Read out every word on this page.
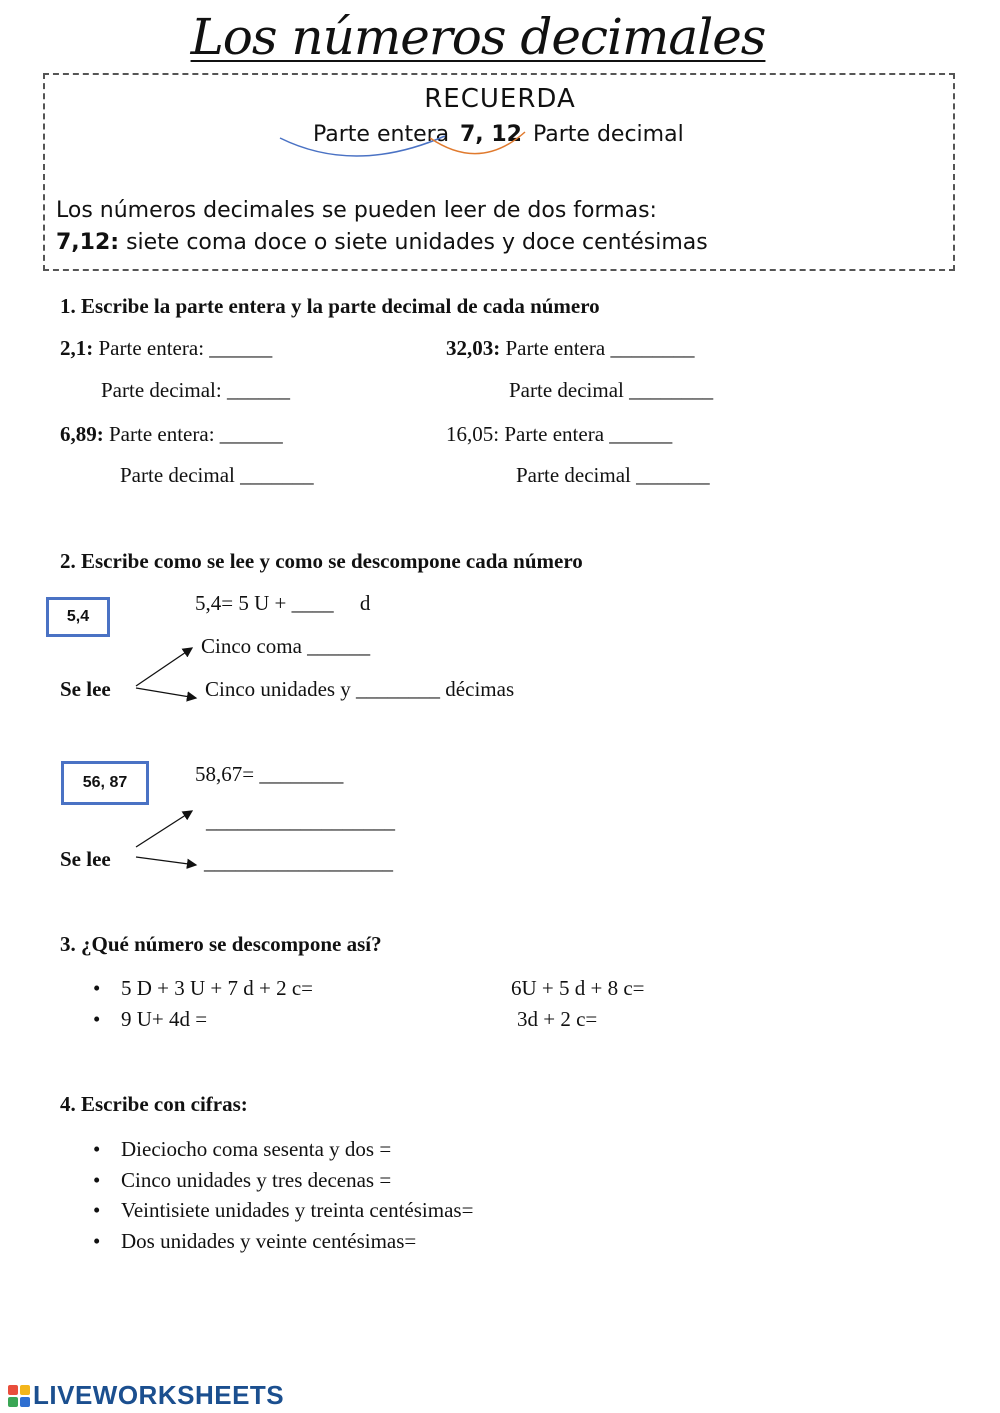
Los números decimales
RECUERDA
Parte entera 7, 12 Parte decimal
Los números decimales se pueden leer de dos formas:
7,12: siete coma doce o siete unidades y doce centésimas
1. Escribe la parte entera y la parte decimal de cada número
2,1: Parte entera: ______
Parte decimal: ______
32,03: Parte entera ________
Parte decimal ________
6,89: Parte entera: ______
Parte decimal _______
16,05: Parte entera ______
Parte decimal _______
2. Escribe como se lee y como se descompone cada número
5,4
5,4= 5 U + ____     d
Cinco coma ______
Se lee	Cinco unidades y ________ décimas
56, 87	58,67= ________
__________________
Se lee	__________________
3. ¿Qué número se descompone así?
• 5 D + 3 U + 7 d + 2 c=
• 9 U+ 4d =
6U + 5 d + 8 c=
3d + 2 c=
4. Escribe con cifras:
• Dieciocho coma sesenta y dos =
• Cinco unidades y tres decenas =
• Veintisiete unidades y treinta centésimas=
• Dos unidades y veinte centésimas=
LIVEWORKSHEETS
